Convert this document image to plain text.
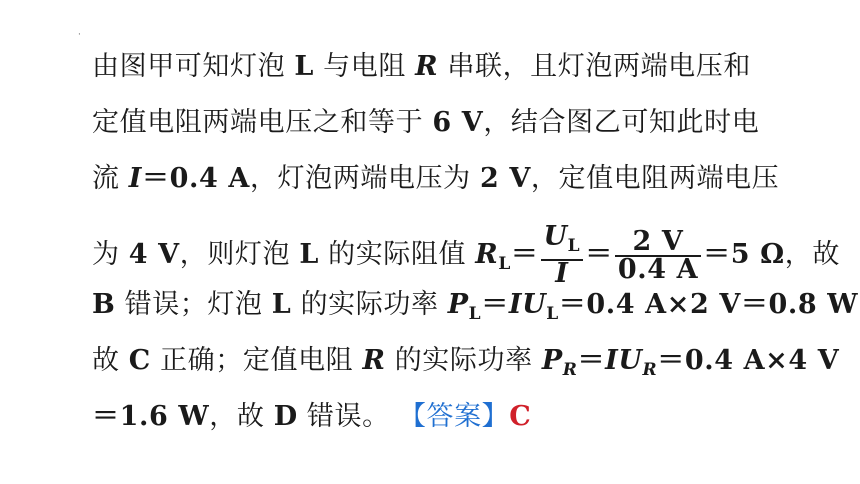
·
由图甲可知灯泡 L 与电阻 R 串联，且灯泡两端电压和
定值电阻两端电压之和等于 6 V，结合图乙可知此时电
流 I＝0.4 A，灯泡两端电压为 2 V，定值电阻两端电压
为 4 V，则灯泡 L 的实际阻值 $R_L= \frac{U_L}{I} = \frac{2 V}{0.4 A} =5$ Ω，故
B 错误；灯泡 L 的实际功率 $P_L=IU_L=0.4$ A×2 V＝0.8 W
故 C 正确；定值电阻 R 的实际功率 $P_R=IU_R=0.4$ A×4 V
＝1.6 W，故 D 错误。 【答案】C
